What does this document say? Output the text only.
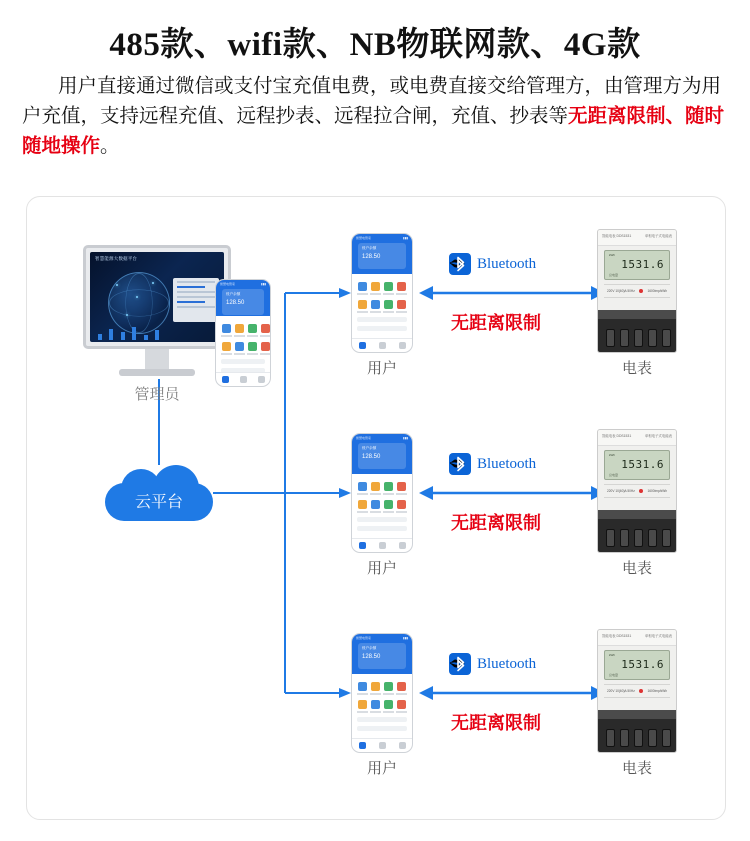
485款、wifi款、NB物联网款、4G款
用户直接通过微信或支付宝充值电费，或电费直接交给管理方，由管理方为用户充值，支持远程充值、远程抄表、远程拉合闸，充值、抄表等无距离限制、随时随地操作。
智慧能源大数据平台

管理员
智慧电管家	▮▮▮
账户余额
128.50
云平台
智慧电管家	▮▮▮
账户余额
128.50
用户
🗢
Bluetooth
无距离限制
智能电表 DDS1531	单相电子式电能表
kWh
1531.6
总电量
220V 10(60)A 50Hz	1600imp/kWh
电表
智慧电管家	▮▮▮
账户余额
128.50
用户
🗢
Bluetooth
无距离限制
智能电表 DDS1531	单相电子式电能表
kWh
1531.6
总电量
220V 10(60)A 50Hz	1600imp/kWh
电表
智慧电管家	▮▮▮
账户余额
128.50
用户
🗢
Bluetooth
无距离限制
智能电表 DDS1531	单相电子式电能表
kWh
1531.6
总电量
220V 10(60)A 50Hz	1600imp/kWh
电表
